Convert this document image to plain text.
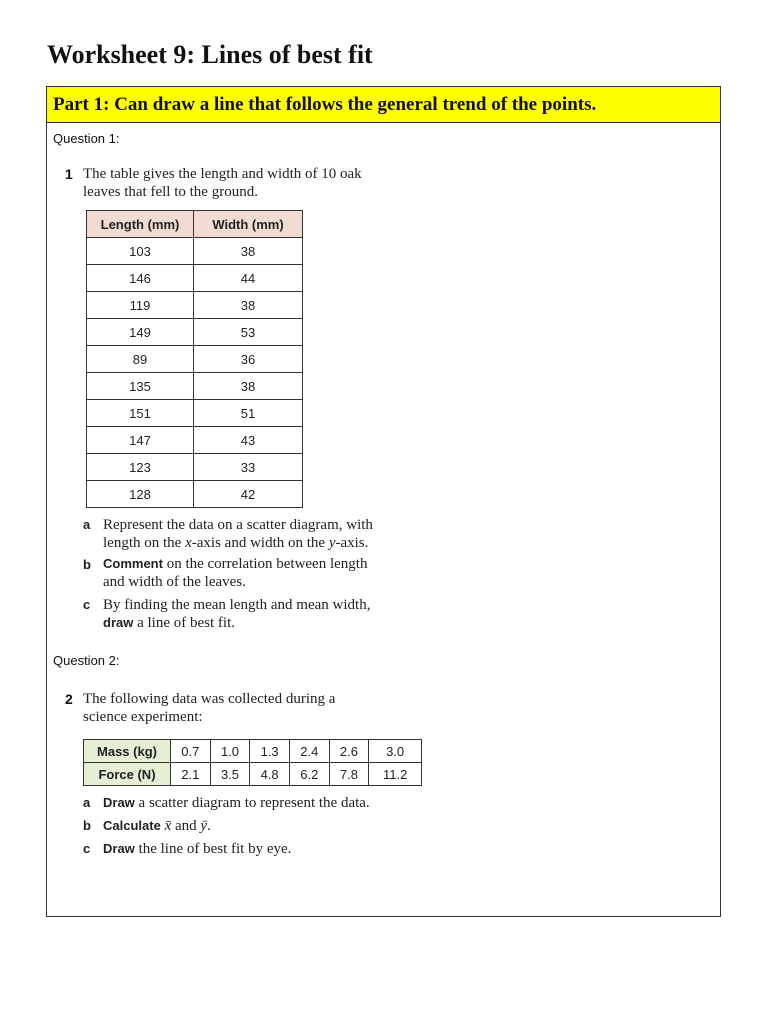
Worksheet 9: Lines of best fit
Part 1: Can draw a line that follows the general trend of the points.
Question 1:
1 The table gives the length and width of 10 oak
leaves that fell to the ground.
Length (mm)	Width (mm)
103	38
146	44
119	38
149	53
89	36
135	38
151	51
147	43
123	33
128	42
a Represent the data on a scatter diagram, with
length on the x-axis and width on the y-axis.
b Comment on the correlation between length
and width of the leaves.
c By finding the mean length and mean width,
draw a line of best fit.
Question 2:
2 The following data was collected during a
science experiment:
Mass (kg)	0.7	1.0	1.3	2.4	2.6	3.0
Force (N)	2.1	3.5	4.8	6.2	7.8	11.2
a Draw a scatter diagram to represent the data.
b Calculate x̄ and ȳ.
c Draw the line of best fit by eye.
